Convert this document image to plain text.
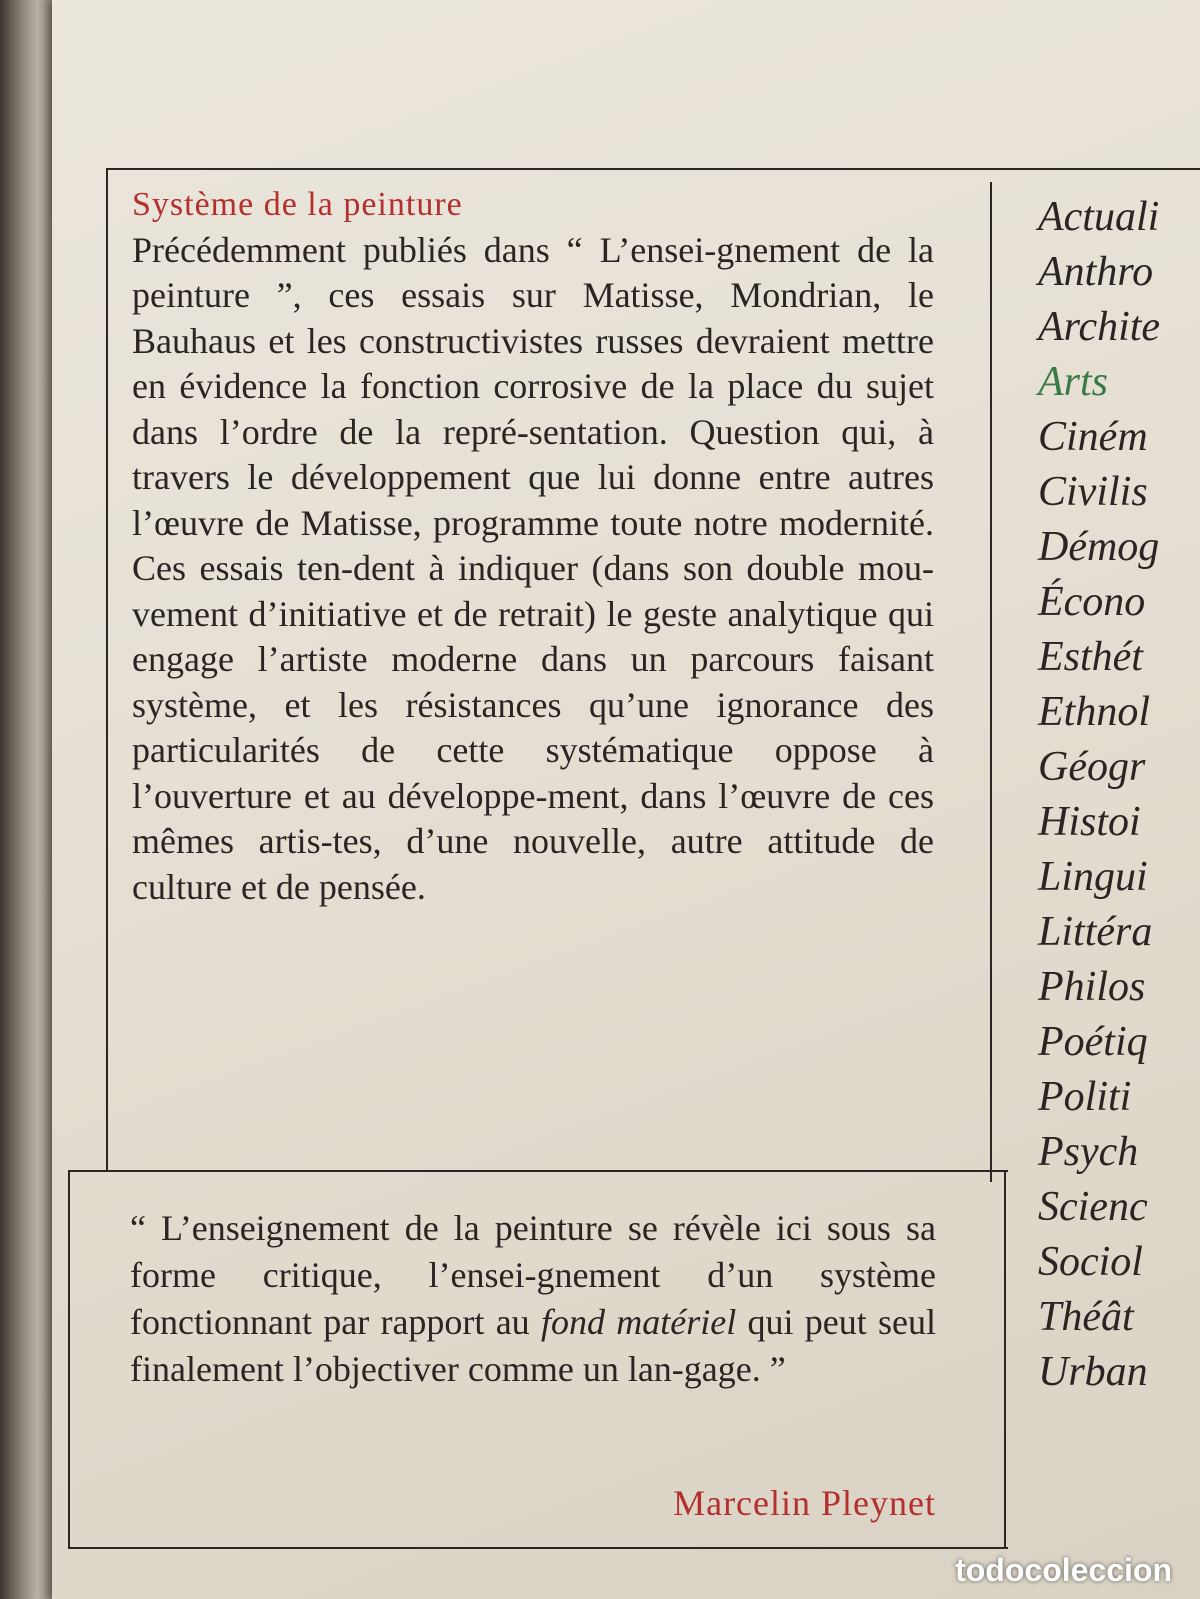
Système de la peinture
Précédemment publiés dans “ L’ensei-gnement de la peinture ”, ces essais sur Matisse, Mondrian, le Bauhaus et les constructivistes russes devraient mettre en évidence la fonction corrosive de la place du sujet dans l’ordre de la repré-sentation. Question qui, à travers le développement que lui donne entre autres l’œuvre de Matisse, programme toute notre modernité. Ces essais ten-dent à indiquer (dans son double mou-vement d’initiative et de retrait) le geste analytique qui engage l’artiste moderne dans un parcours faisant système, et les résistances qu’une ignorance des particularités de cette systématique oppose à l’ouverture et au développe-ment, dans l’œuvre de ces mêmes artis-tes, d’une nouvelle, autre attitude de culture et de pensée.
“ L’enseignement de la peinture se révèle ici sous sa forme critique, l’ensei-gnement d’un système fonctionnant par rapport au fond matériel qui peut seul finalement l’objectiver comme un lan-gage. ”
Marcelin Pleynet
Actuali
Anthro
Archite
Arts
Ciném
Civilis
Démog
Écono
Esthét
Ethnol
Géogr
Histoi
Lingui
Littéra
Philos
Poétiq
Politi
Psych
Scienc
Sociol
Théât
Urban
todocoleccion
